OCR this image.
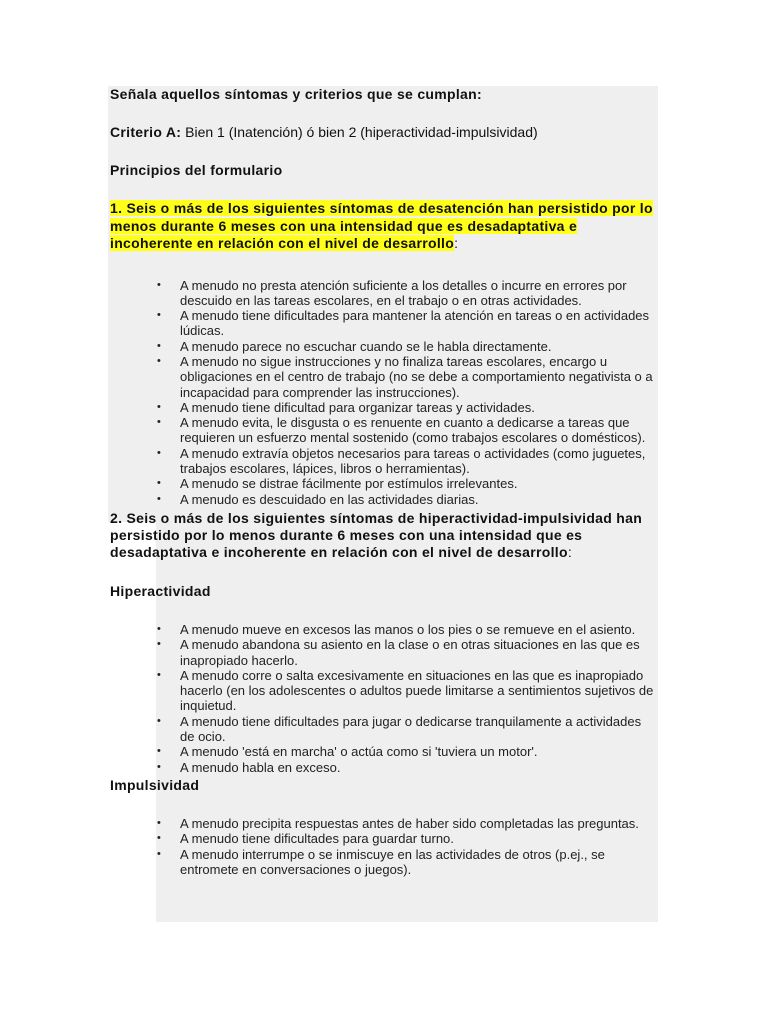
Señala aquellos síntomas y criterios que se cumplan:
Criterio A: Bien 1 (Inatención) ó bien 2 (hiperactividad-impulsividad)
Principios del formulario
1. Seis o más de los siguientes síntomas de desatención han persistido por lo menos durante 6 meses con una intensidad que es desadaptativa e incoherente en relación con el nivel de desarrollo:
• A menudo no presta atención suficiente a los detalles o incurre en errores por descuido en las tareas escolares, en el trabajo o en otras actividades.
• A menudo tiene dificultades para mantener la atención en tareas o en actividades lúdicas.
• A menudo parece no escuchar cuando se le habla directamente.
• A menudo no sigue instrucciones y no finaliza tareas escolares, encargo u obligaciones en el centro de trabajo (no se debe a comportamiento negativista o a incapacidad para comprender las instrucciones).
• A menudo tiene dificultad para organizar tareas y actividades.
• A menudo evita, le disgusta o es renuente en cuanto a dedicarse a tareas que requieren un esfuerzo mental sostenido (como trabajos escolares o domésticos).
• A menudo extravía objetos necesarios para tareas o actividades (como juguetes, trabajos escolares, lápices, libros o herramientas).
• A menudo se distrae fácilmente por estímulos irrelevantes.
• A menudo es descuidado en las actividades diarias.
2. Seis o más de los siguientes síntomas de hiperactividad-impulsividad han persistido por lo menos durante 6 meses con una intensidad que es desadaptativa e incoherente en relación con el nivel de desarrollo:
Hiperactividad
• A menudo mueve en excesos las manos o los pies o se remueve en el asiento.
• A menudo abandona su asiento en la clase o en otras situaciones en las que es inapropiado hacerlo.
• A menudo corre o salta excesivamente en situaciones en las que es inapropiado hacerlo (en los adolescentes o adultos puede limitarse a sentimientos sujetivos de inquietud.
• A menudo tiene dificultades para jugar o dedicarse tranquilamente a actividades de ocio.
• A menudo 'está en marcha' o actúa como si 'tuviera un motor'.
• A menudo habla en exceso.
Impulsividad
• A menudo precipita respuestas antes de haber sido completadas las preguntas.
• A menudo tiene dificultades para guardar turno.
• A menudo interrumpe o se inmiscuye en las actividades de otros (p.ej., se entromete en conversaciones o juegos).
